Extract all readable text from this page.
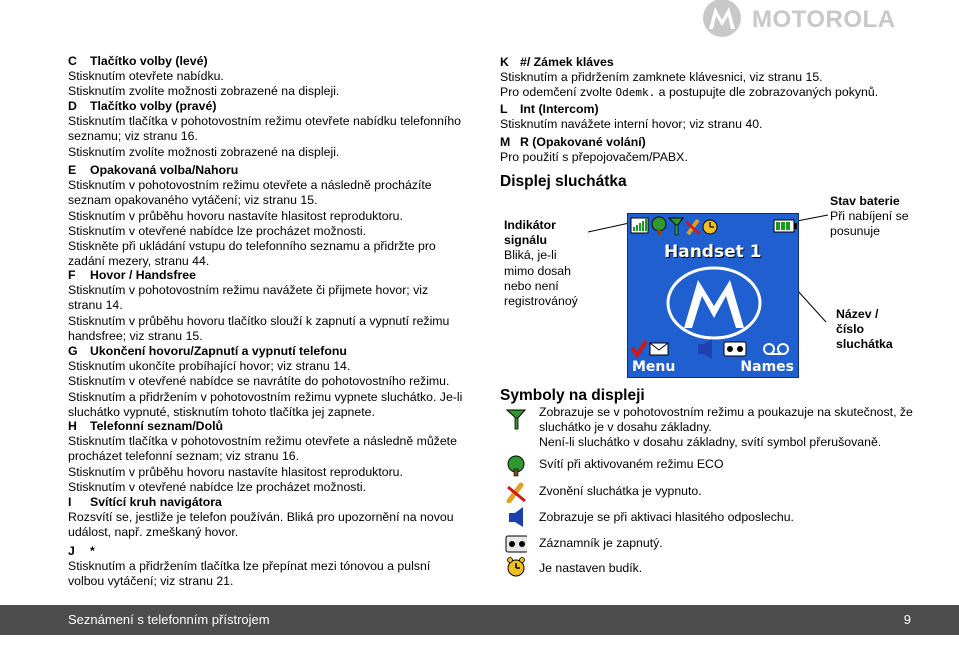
MOTOROLA

C Tlačítko volby (levé)

Stisknutím otevřete nabídku.

Stisknutím zvolíte možnosti zobrazené na displeji.

D Tlačítko volby (pravé)

Stisknutím tlačítka v pohotovostním režimu otevřete nabídku telefonního

seznamu; viz stranu 16.

Stisknutím zvolíte možnosti zobrazené na displeji.

E Opakovaná volba/Nahoru

Stisknutím v pohotovostním režimu otevřete a následně procházíte

seznam opakovaného vytáčení; viz stranu 15.

Stisknutím v průběhu hovoru nastavíte hlasitost reproduktoru.

Stisknutím v otevřené nabídce lze procházet možnosti.

Stiskněte při ukládání vstupu do telefonního seznamu a přidržte pro

zadání mezery, stranu 44.

F Hovor / Handsfree

Stisknutím v pohotovostním režimu navážete či přijmete hovor; viz

stranu 14.

Stisknutím v průběhu hovoru tlačítko slouží k zapnutí a vypnutí režimu

handsfree; viz stranu 15.

G Ukončení hovoru/Zapnutí a vypnutí telefonu

Stisknutím ukončíte probíhající hovor; viz stranu 14.

Stisknutím v otevřené nabídce se navrátíte do pohotovostního režimu.

Stisknutím a přidržením v pohotovostním režimu vypnete sluchátko. Je-li

sluchátko vypnuté, stisknutím tohoto tlačítka jej zapnete.

H Telefonní seznam/Dolů

Stisknutím tlačítka v pohotovostním režimu otevřete a následně můžete

procházet telefonní seznam; viz stranu 16.

Stisknutím v průběhu hovoru nastavíte hlasitost reproduktoru.

Stisknutím v otevřené nabídce lze procházet možnosti.

I Svítící kruh navigátora

Rozsvítí se, jestliže je telefon používán. Bliká pro upozornění na novou

událost, např. zmeškaný hovor.

J *

Stisknutím a přidržením tlačítka lze přepínat mezi tónovou a pulsní

volbou vytáčení; viz stranu 21.

K #/ Zámek kláves

Stisknutím a přidržením zamknete klávesnici, viz stranu 15.

Pro odemčení zvolte Odemk. a postupujte dle zobrazovaných pokynů.

L Int (Intercom)

Stisknutím navážete interní hovor; viz stranu 40.

M R (Opakované volání)

Pro použití s přepojovačem/PABX.

Displej sluchátka
Indikátor
signálu
Bliká, je-li
mimo dosah
nebo není
registrovánoý
Stav baterie
Při nabíjení se
posunuje
Název /
číslo
sluchátka
Handset 1
Menu	Names
Symboly na displeji

Zobrazuje se v pohotovostním režimu a poukazuje na skutečnost, že

sluchátko je v dosahu základny.

Není-li sluchátko v dosahu základny, svítí symbol přerušovaně.

Svítí při aktivovaném režimu ECO

Zvonění sluchátka je vypnuto.

Zobrazuje se při aktivaci hlasitého odposlechu.

Záznamník je zapnutý.

Je nastaven budík.

Seznámení s telefonním přístrojem	9
